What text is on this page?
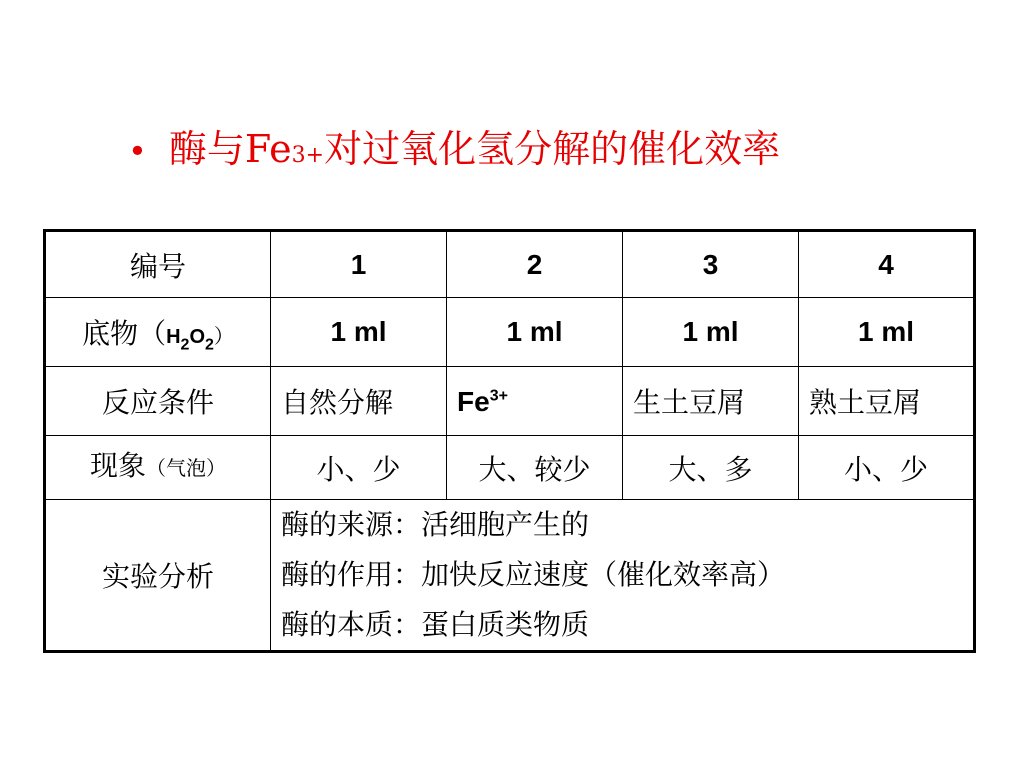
• 酶与Fe 3+ 对过氧化氢分解的催化效率
编号	1	2	3	4
底物$(H_2O_2)$	1 ml	1 ml	1 ml	1 ml
反应条件	自然分解	$Fe^{3+}$	生土豆屑	熟土豆屑
现象（气泡）	小、少	大、较少	大、多	小、少
实验分析	酶的来源：活细胞产生的
酶的作用：加快反应速度（催化效率高）
酶的本质：蛋白质类物质			
